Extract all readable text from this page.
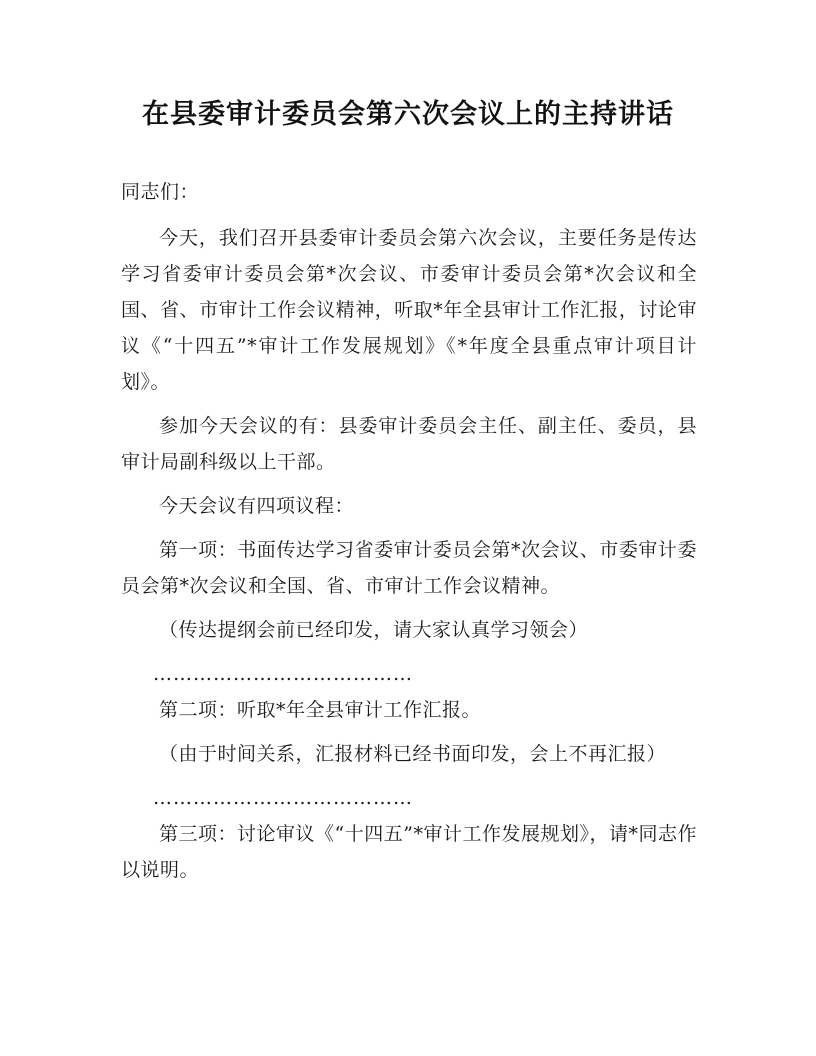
在县委审计委员会第六次会议上的主持讲话

同志们：

今天，我们召开县委审计委员会第六次会议，主要任务是传达学习省委审计委员会第*次会议、市委审计委员会第*次会议和全国、省、市审计工作会议精神，听取*年全县审计工作汇报，讨论审议《“十四五”*审计工作发展规划》《*年度全县重点审计项目计划》。

参加今天会议的有：县委审计委员会主任、副主任、委员，县审计局副科级以上干部。

今天会议有四项议程：

第一项：书面传达学习省委审计委员会第*次会议、市委审计委员会第*次会议和全国、省、市审计工作会议精神。

（传达提纲会前已经印发，请大家认真学习领会）

…………………………………

第二项：听取*年全县审计工作汇报。

（由于时间关系，汇报材料已经书面印发，会上不再汇报）

…………………………………

第三项：讨论审议《“十四五”*审计工作发展规划》，请*同志作以说明。
